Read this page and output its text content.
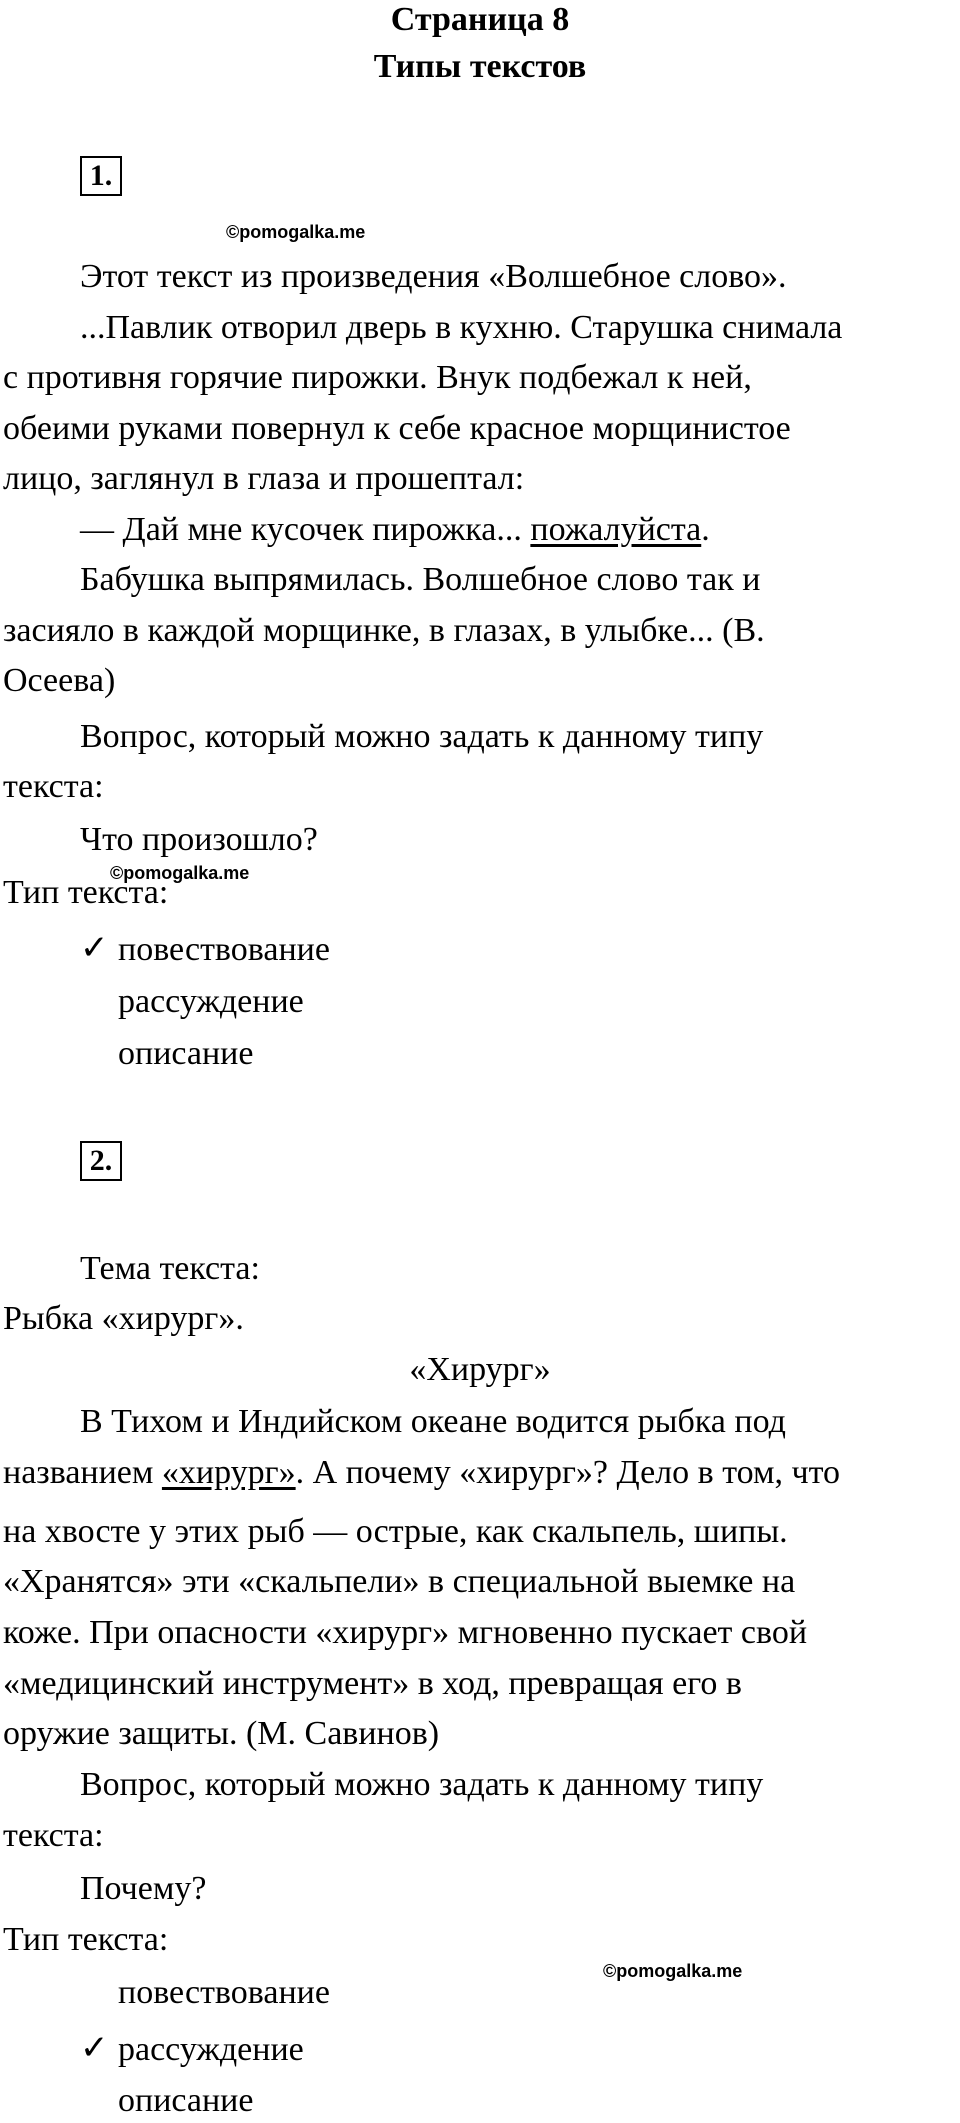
Страница 8
Типы текстов
1.
©pomogalka.me
Этот текст из произведения «Волшебное слово».
...Павлик отворил дверь в кухню. Старушка снимала
с противня горячие пирожки. Внук подбежал к ней,
обеими руками повернул к себе красное морщинистое
лицо, заглянул в глаза и прошептал:
— Дай мне кусочек пирожка... пожалуйста.
Бабушка выпрямилась. Волшебное слово так и
засияло в каждой морщинке, в глазах, в улыбке... (В.
Осеева)
Вопрос, который можно задать к данному типу
текста:
Что произошло?
Тип текста:
©pomogalka.me
✓ повествование
рассуждение
описание
2.
Тема текста:
Рыбка «хирург».
«Хирург»
В Тихом и Индийском океане водится рыбка под
названием «хирург». А почему «хирург»? Дело в том, что
на хвосте у этих рыб — острые, как скальпель, шипы.
«Хранятся» эти «скальпели» в специальной выемке на
коже. При опасности «хирург» мгновенно пускает свой
«медицинский инструмент» в ход, превращая его в
оружие защиты. (М. Савинов)
Вопрос, который можно задать к данному типу
текста:
Почему?
Тип текста:
©pomogalka.me
повествование
✓ рассуждение
описание
